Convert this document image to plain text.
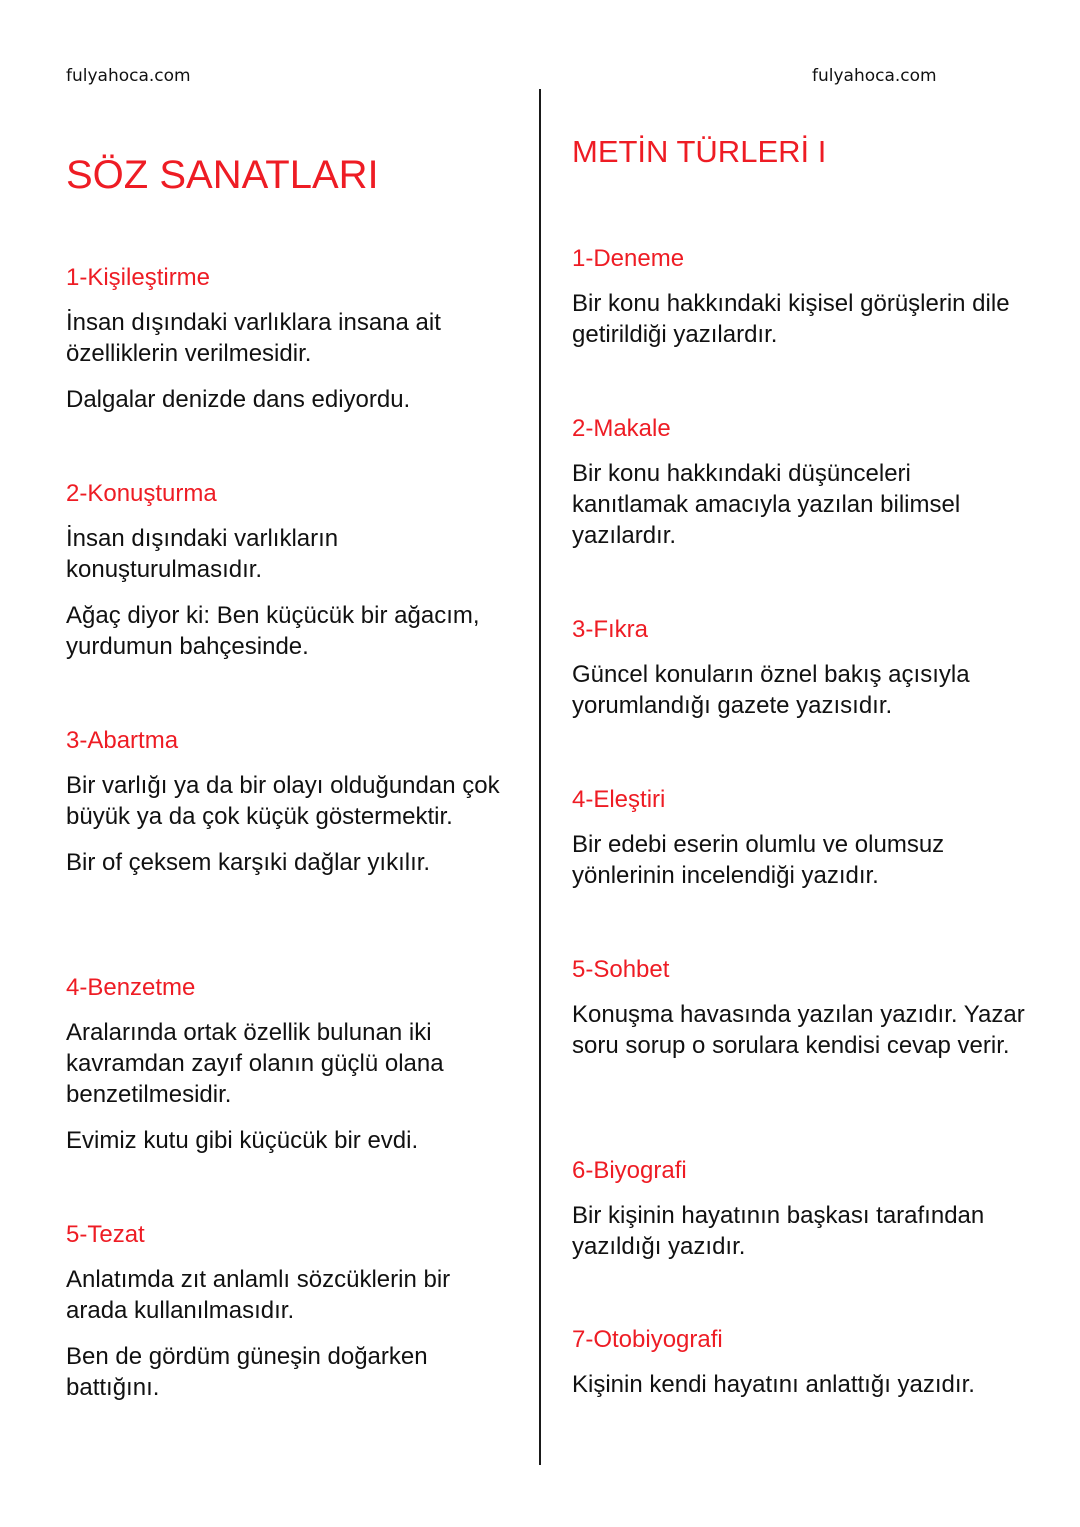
fulyahoca.com	fulyahoca.com
SÖZ SANATLARI
1-Kişileştirme
İnsan dışındaki varlıklara insana ait özelliklerin verilmesidir.
Dalgalar denizde dans ediyordu.
2-Konuşturma
İnsan dışındaki varlıkların konuşturulmasıdır.
Ağaç diyor ki: Ben küçücük bir ağacım, yurdumun bahçesinde.
3-Abartma
Bir varlığı ya da bir olayı olduğundan çok büyük ya da çok küçük göstermektir.
Bir of çeksem karşıki dağlar yıkılır.
4-Benzetme
Aralarında ortak özellik bulunan iki kavramdan zayıf olanın güçlü olana benzetilmesidir.
Evimiz kutu gibi küçücük bir evdi.
5-Tezat
Anlatımda zıt anlamlı sözcüklerin bir arada kullanılmasıdır.
Ben de gördüm güneşin doğarken battığını.
METİN TÜRLERİ I
1-Deneme
Bir konu hakkındaki kişisel görüşlerin dile getirildiği yazılardır.
2-Makale
Bir konu hakkındaki düşünceleri kanıtlamak amacıyla yazılan bilimsel yazılardır.
3-Fıkra
Güncel konuların öznel bakış açısıyla yorumlandığı gazete yazısıdır.
4-Eleştiri
Bir edebi eserin olumlu ve olumsuz yönlerinin incelendiği yazıdır.
5-Sohbet
Konuşma havasında yazılan yazıdır. Yazar soru sorup o sorulara kendisi cevap verir.
6-Biyografi
Bir kişinin hayatının başkası tarafından yazıldığı yazıdır.
7-Otobiyografi
Kişinin kendi hayatını anlattığı yazıdır.
